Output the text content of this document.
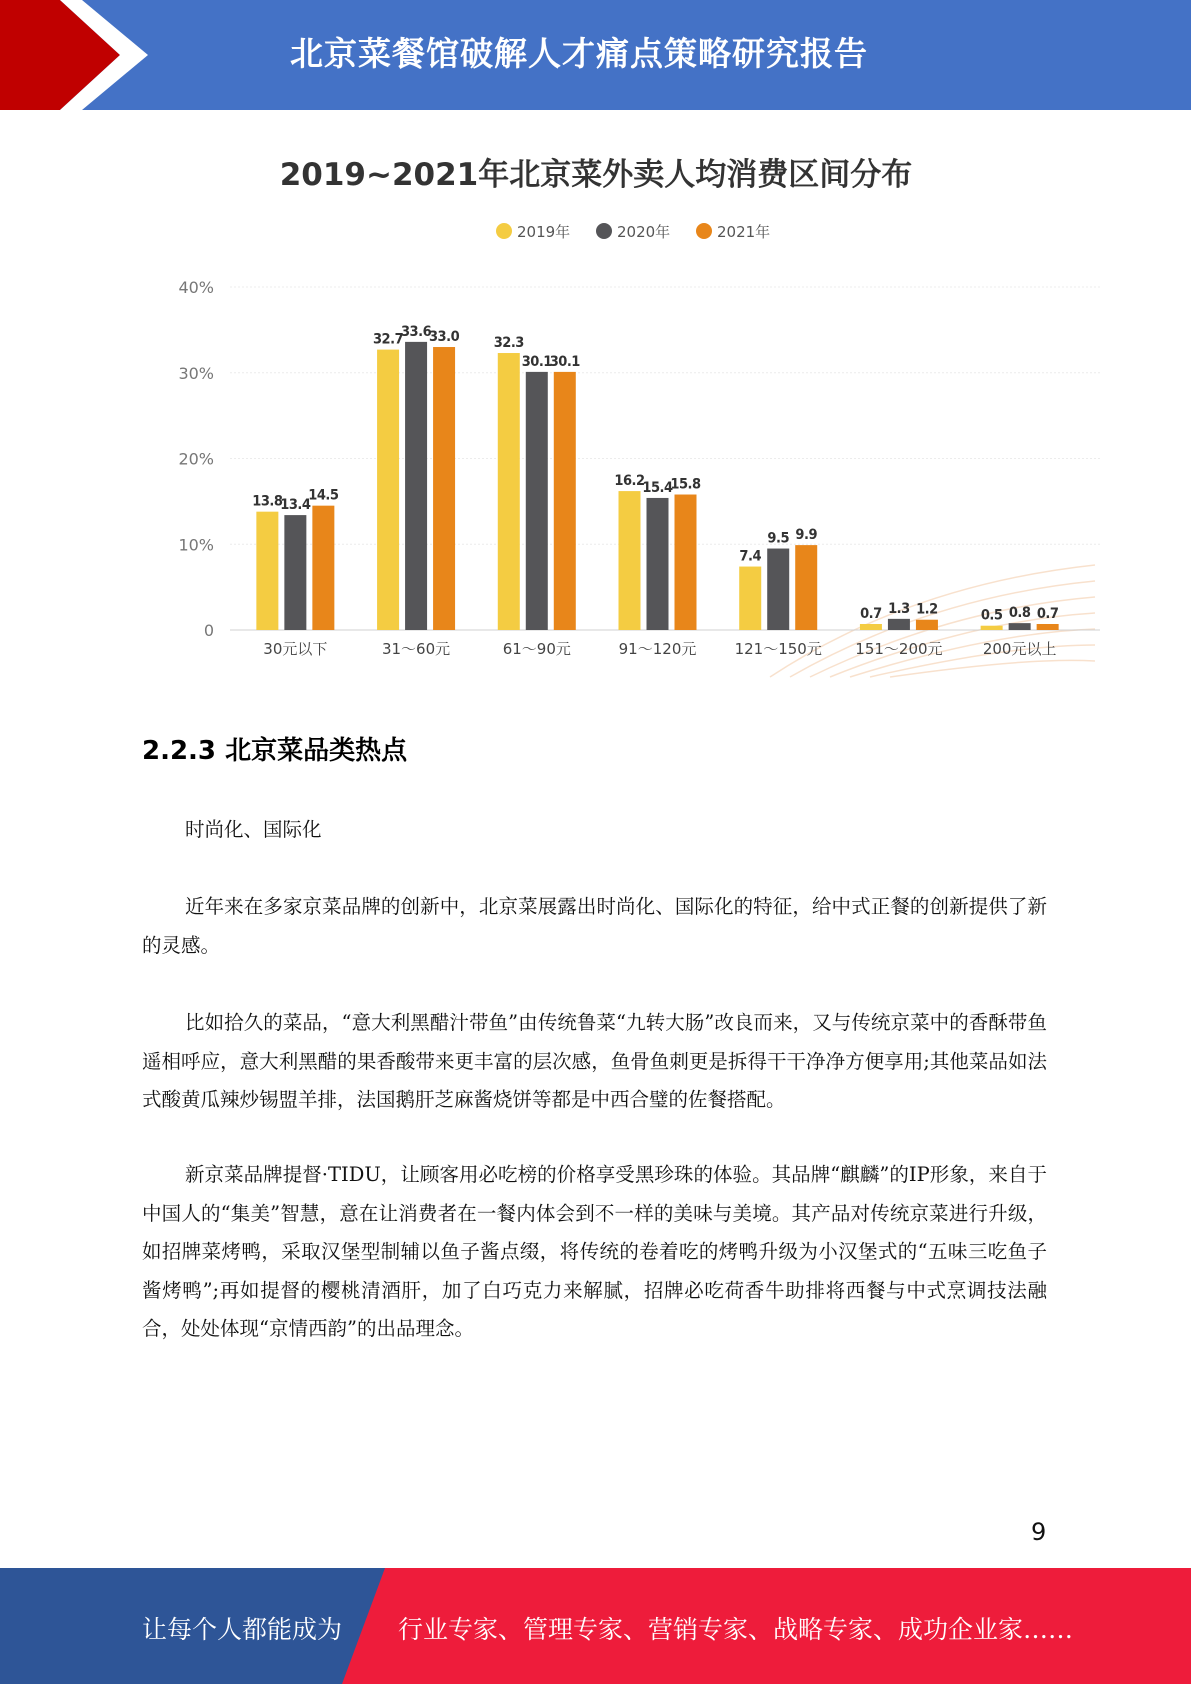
北京菜餐馆破解人才痛点策略研究报告
2019~2021年北京菜外卖人均消费区间分布
2019年	2020年	2021年
0
10%
20%
30%
40%
13.8
13.4
14.5
32.7
33.6
33.0 32.3
30.1
30.1
16.2
15.4
15.8
7.4
9.5 9.9
0.7 1.3 1.2	0.5 0.8 0.7
30元以下	31～60元	61～90元	91～120元	121～150元 151～200元	200元以上
2.2.3 北京菜品类热点

时尚化、国际化

近年来在多家京菜品牌的创新中，北京菜展露出时尚化、国际化的特征，给中式正餐的创新提供了新的灵感。

比如拾久的菜品，“意大利黑醋汁带鱼”由传统鲁菜“九转大肠”改良而来，又与传统京菜中的香酥带鱼遥相呼应，意大利黑醋的果香酸带来更丰富的层次感，鱼骨鱼刺更是拆得干干净净方便享用;其他菜品如法式酸黄瓜辣炒锡盟羊排，法国鹅肝芝麻酱烧饼等都是中西合璧的佐餐搭配。

新京菜品牌提督·TIDU，让顾客用必吃榜的价格享受黑珍珠的体验。其品牌“麒麟”的IP形象，来自于中国人的“集美”智慧，意在让消费者在一餐内体会到不一样的美味与美境。其产品对传统京菜进行升级，如招牌菜烤鸭，采取汉堡型制辅以鱼子酱点缀，将传统的卷着吃的烤鸭升级为小汉堡式的“五味三吃鱼子酱烤鸭”;再如提督的樱桃清酒肝，加了白巧克力来解腻，招牌必吃荷香牛助排将西餐与中式烹调技法融合，处处体现“京情西韵”的出品理念。

9
让每个人都能成为 行业专家、管理专家、营销专家、战略专家、成功企业家……
